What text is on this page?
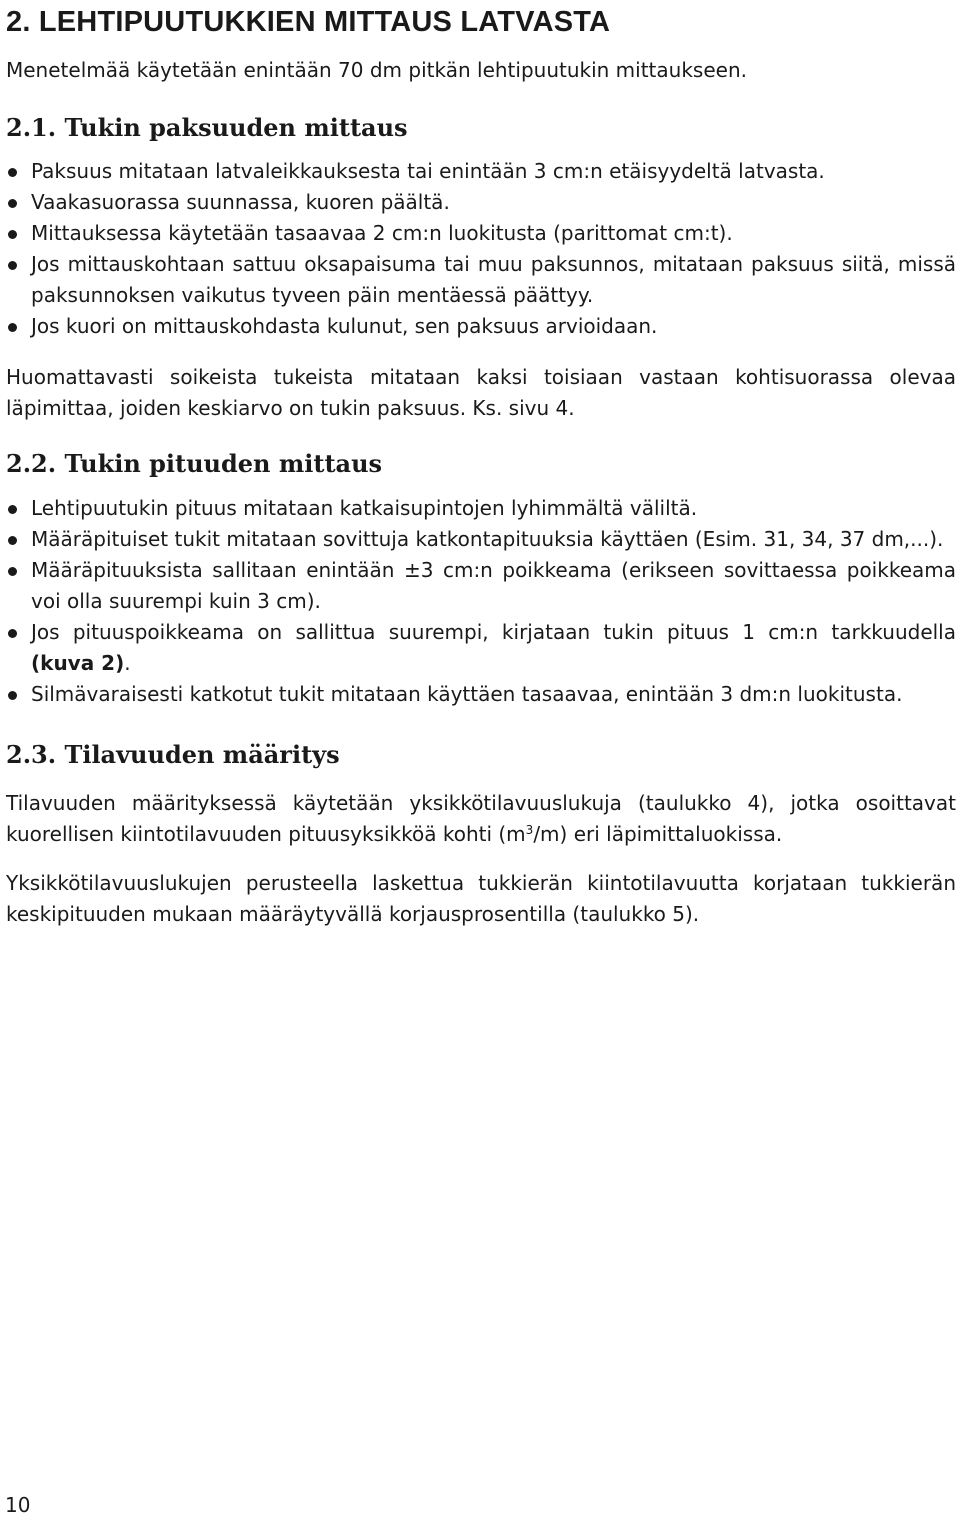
2. LEHTIPUUTUKKIEN MITTAUS LATVASTA

Menetelmää käytetään enintään 70 dm pitkän lehtipuutukin mittaukseen.

2.1. Tukin paksuuden mittaus
Paksuus mitataan latvaleikkauksesta tai enintään 3 cm:n etäisyydeltä latvasta.
Vaakasuorassa suunnassa, kuoren päältä.
Mittauksessa käytetään tasaavaa 2 cm:n luokitusta (parittomat cm:t).
Jos mittauskohtaan sattuu oksapaisuma tai muu paksunnos, mitataan paksuus siitä, missä paksunnoksen vaikutus tyveen päin mentäessä päättyy.
Jos kuori on mittauskohdasta kulunut, sen paksuus arvioidaan.

Huomattavasti soikeista tukeista mitataan kaksi toisiaan vastaan kohtisuorassa olevaa läpimittaa, joiden keskiarvo on tukin paksuus. Ks. sivu 4.

2.2. Tukin pituuden mittaus
Lehtipuutukin pituus mitataan katkaisupintojen lyhimmältä väliltä.
Määräpituiset tukit mitataan sovittuja katkontapituuksia käyttäen (Esim. 31, 34, 37 dm,...).
Määräpituuksista sallitaan enintään ±3 cm:n poikkeama (erikseen sovittaessa poikkeama voi olla suurempi kuin 3 cm).
Jos pituuspoikkeama on sallittua suurempi, kirjataan tukin pituus 1 cm:n tarkkuudella (kuva 2).
Silmävaraisesti katkotut tukit mitataan käyttäen tasaavaa, enintään 3 dm:n luokitusta.
2.3. Tilavuuden määritys

Tilavuuden määrityksessä käytetään yksikkötilavuuslukuja (taulukko 4), jotka osoittavat kuorellisen kiintotilavuuden pituusyksikköä kohti $(m^3/m)$ eri läpimittaluokissa.

Yksikkötilavuuslukujen perusteella laskettua tukkierän kiintotilavuutta korjataan tukkierän keskipituuden mukaan määräytyvällä korjausprosentilla (taulukko 5).

10
